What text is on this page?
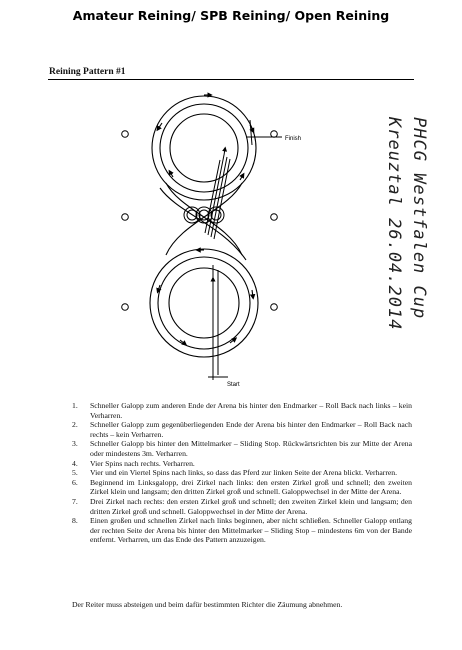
Amateur Reining/ SPB Reining/ Open Reining
Reining Pattern #1
Finish
Start
PHCG Westfalen Cup
Kreuztal 26.04.2014
1. Schneller Galopp zum anderen Ende der Arena bis hinter den Endmarker – Roll Back nach links – kein Verharren.
2. Schneller Galopp zum gegenüberliegenden Ende der Arena bis hinter den Endmarker – Roll Back nach rechts – kein Verharren.
3. Schneller Galopp bis hinter den Mittelmarker – Sliding Stop. Rückwärtsrichten bis zur Mitte der Arena oder mindestens 3m. Verharren.
4. Vier Spins nach rechts. Verharren.
5. Vier und ein Viertel Spins nach links, so dass das Pferd zur linken Seite der Arena blickt. Verharren.
6. Beginnend im Linksgalopp, drei Zirkel nach links: den ersten Zirkel groß und schnell; den zweiten Zirkel klein und langsam; den dritten Zirkel groß und schnell. Galoppwechsel in der Mitte der Arena.
7. Drei Zirkel nach rechts: den ersten Zirkel groß und schnell; den zweiten Zirkel klein und langsam; den dritten Zirkel groß und schnell. Galoppwechsel in der Mitte der Arena.
8. Einen großen und schnellen Zirkel nach links beginnen, aber nicht schließen. Schneller Galopp entlang der rechten Seite der Arena bis hinter den Mittelmarker – Sliding Stop – mindestens 6m von der Bande entfernt. Verharren, um das Ende des Pattern anzuzeigen.
Der Reiter muss absteigen und beim dafür bestimmten Richter die Zäumung abnehmen.
